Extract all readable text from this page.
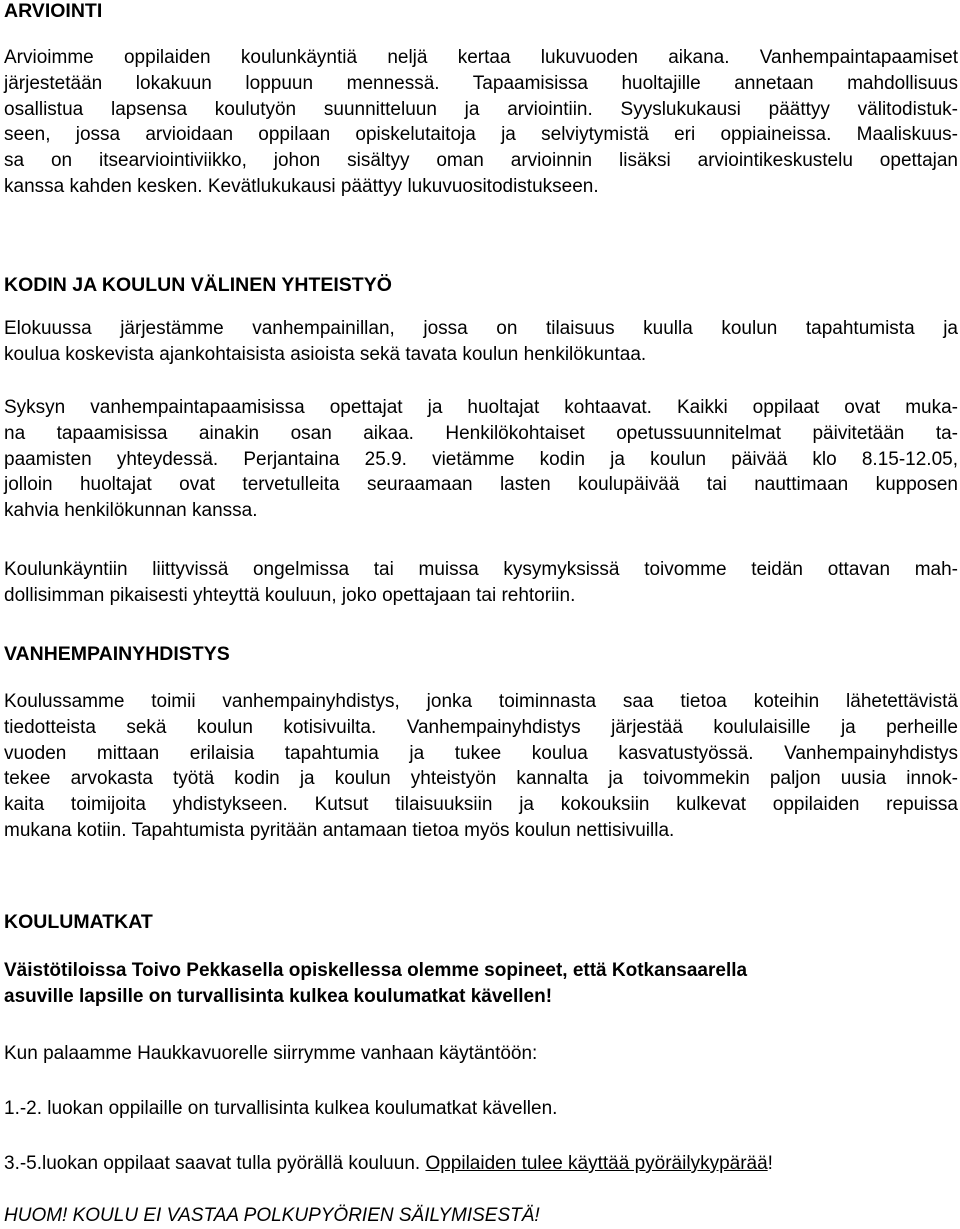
ARVIOINTI

Arvioimme oppilaiden koulunkäyntiä neljä kertaa lukuvuoden aikana. Vanhempaintapaamiset
järjestetään lokakuun loppuun mennessä. Tapaamisissa huoltajille annetaan mahdollisuus
osallistua lapsensa koulutyön suunnitteluun ja arviointiin. Syyslukukausi päättyy välitodistuk-
seen, jossa arvioidaan oppilaan opiskelutaitoja ja selviytymistä eri oppiaineissa. Maaliskuus-
sa on itsearviointiviikko, johon sisältyy oman arvioinnin lisäksi arviointikeskustelu opettajan
kanssa kahden kesken. Kevätlukukausi päättyy lukuvuositodistukseen.

KODIN JA KOULUN VÄLINEN YHTEISTYÖ

Elokuussa järjestämme vanhempainillan, jossa on tilaisuus kuulla koulun tapahtumista ja
koulua koskevista ajankohtaisista asioista sekä tavata koulun henkilökuntaa.

Syksyn vanhempaintapaamisissa opettajat ja huoltajat kohtaavat. Kaikki oppilaat ovat muka-
na tapaamisissa ainakin osan aikaa. Henkilökohtaiset opetussuunnitelmat päivitetään ta-
paamisten yhteydessä. Perjantaina 25.9. vietämme kodin ja koulun päivää klo 8.15-12.05,
jolloin huoltajat ovat tervetulleita seuraamaan lasten koulupäivää tai nauttimaan kupposen
kahvia henkilökunnan kanssa.

Koulunkäyntiin liittyvissä ongelmissa tai muissa kysymyksissä toivomme teidän ottavan mah-
dollisimman pikaisesti yhteyttä kouluun, joko opettajaan tai rehtoriin.

VANHEMPAINYHDISTYS

Koulussamme toimii vanhempainyhdistys, jonka toiminnasta saa tietoa koteihin lähetettävistä
tiedotteista sekä koulun kotisivuilta. Vanhempainyhdistys järjestää koululaisille ja perheille
vuoden mittaan erilaisia tapahtumia ja tukee koulua kasvatustyössä. Vanhempainyhdistys
tekee arvokasta työtä kodin ja koulun yhteistyön kannalta ja toivommekin paljon uusia innok-
kaita toimijoita yhdistykseen. Kutsut tilaisuuksiin ja kokouksiin kulkevat oppilaiden repuissa
mukana kotiin. Tapahtumista pyritään antamaan tietoa myös koulun nettisivuilla.

KOULUMATKAT

Väistötiloissa Toivo Pekkasella opiskellessa olemme sopineet, että Kotkansaarella
asuville lapsille on turvallisinta kulkea koulumatkat kävellen!

Kun palaamme Haukkavuorelle siirrymme vanhaan käytäntöön:

1.-2. luokan oppilaille on turvallisinta kulkea koulumatkat kävellen.

3.-5.luokan oppilaat saavat tulla pyörällä kouluun. Oppilaiden tulee käyttää pyöräilykypärää!

HUOM! KOULU EI VASTAA POLKUPYÖRIEN SÄILYMISESTÄ!
